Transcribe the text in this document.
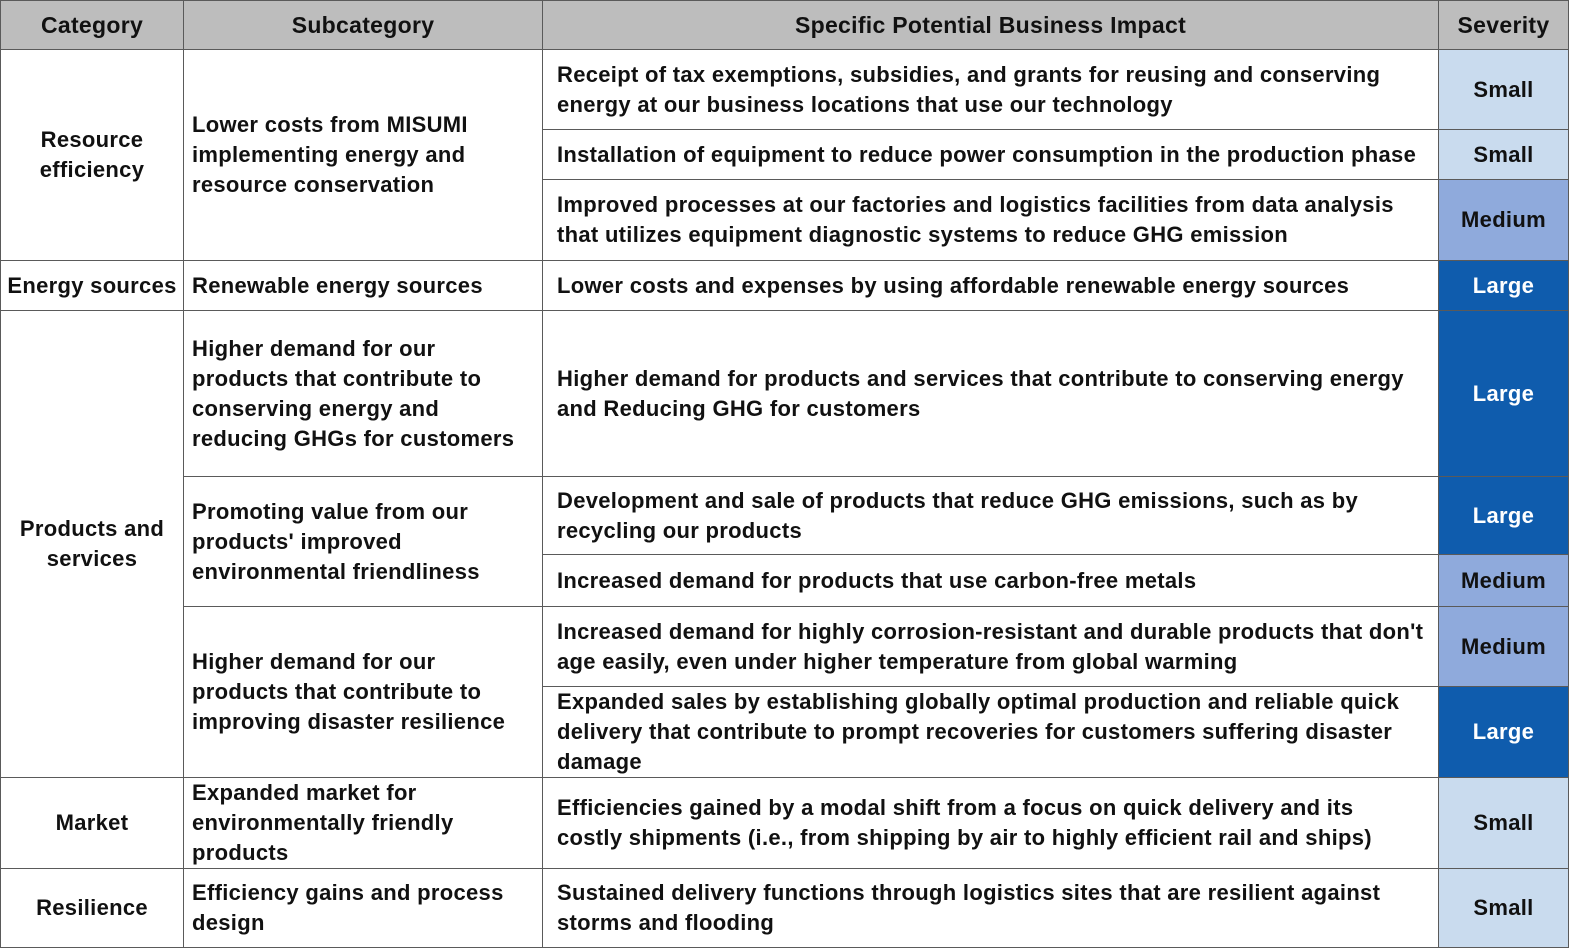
Category	Subcategory	Specific Potential Business Impact	Severity
Resource efficiency	Lower costs from MISUMI implementing energy and resource conservation	Receipt of tax exemptions, subsidies, and grants for reusing and conserving energy at our business locations that use our technology	Small
		Installation of equipment to reduce power consumption in the production phase	Small
		Improved processes at our factories and logistics facilities from data analysis that utilizes equipment diagnostic systems to reduce GHG emission	Medium
Energy sources	Renewable energy sources	Lower costs and expenses by using affordable renewable energy sources	Large
Products and services	Higher demand for our products that contribute to conserving energy and reducing GHGs for customers	Higher demand for products and services that contribute to conserving energy and Reducing GHG for customers	Large
	Promoting value from our products' improved environmental friendliness	Development and sale of products that reduce GHG emissions, such as by recycling our products	Large
		Increased demand for products that use carbon-free metals	Medium
	Higher demand for our products that contribute to improving disaster resilience	Increased demand for highly corrosion-resistant and durable products that don't age easily, even under higher temperature from global warming	Medium
		Expanded sales by establishing globally optimal production and reliable quick delivery that contribute to prompt recoveries for customers suffering disaster damage	Large
Market	Expanded market for environmentally friendly products	Efficiencies gained by a modal shift from a focus on quick delivery and its costly shipments (i.e., from shipping by air to highly efficient rail and ships)	Small
Resilience	Efficiency gains and process design	Sustained delivery functions through logistics sites that are resilient against storms and flooding	Small
